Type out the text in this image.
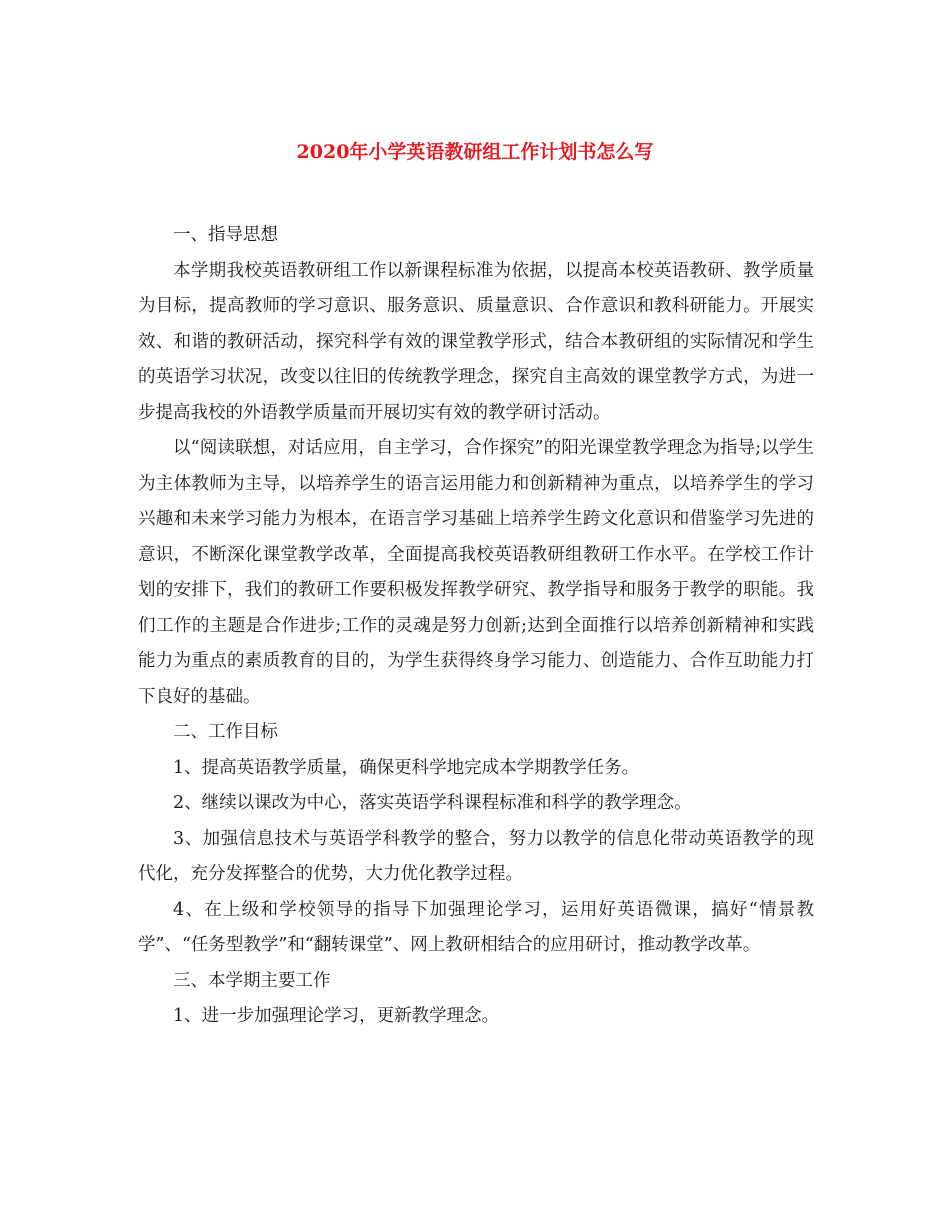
2020年小学英语教研组工作计划书怎么写

一、指导思想

本学期我校英语教研组工作以新课程标准为依据，以提高本校英语教研、教学质量为目标，提高教师的学习意识、服务意识、质量意识、合作意识和教科研能力。开展实效、和谐的教研活动，探究科学有效的课堂教学形式，结合本教研组的实际情况和学生的英语学习状况，改变以往旧的传统教学理念，探究自主高效的课堂教学方式，为进一步提高我校的外语教学质量而开展切实有效的教学研讨活动。

以“阅读联想，对话应用，自主学习，合作探究”的阳光课堂教学理念为指导;以学生为主体教师为主导，以培养学生的语言运用能力和创新精神为重点，以培养学生的学习兴趣和未来学习能力为根本，在语言学习基础上培养学生跨文化意识和借鉴学习先进的意识，不断深化课堂教学改革，全面提高我校英语教研组教研工作水平。在学校工作计划的安排下，我们的教研工作要积极发挥教学研究、教学指导和服务于教学的职能。我们工作的主题是合作进步;工作的灵魂是努力创新;达到全面推行以培养创新精神和实践能力为重点的素质教育的目的，为学生获得终身学习能力、创造能力、合作互助能力打下良好的基础。

二、工作目标

1、提高英语教学质量，确保更科学地完成本学期教学任务。

2、继续以课改为中心，落实英语学科课程标准和科学的教学理念。

3、加强信息技术与英语学科教学的整合，努力以教学的信息化带动英语教学的现代化，充分发挥整合的优势，大力优化教学过程。

4、在上级和学校领导的指导下加强理论学习，运用好英语微课，搞好“情景教学”、“任务型教学”和“翻转课堂”、网上教研相结合的应用研讨，推动教学改革。

三、本学期主要工作

1、进一步加强理论学习，更新教学理念。
